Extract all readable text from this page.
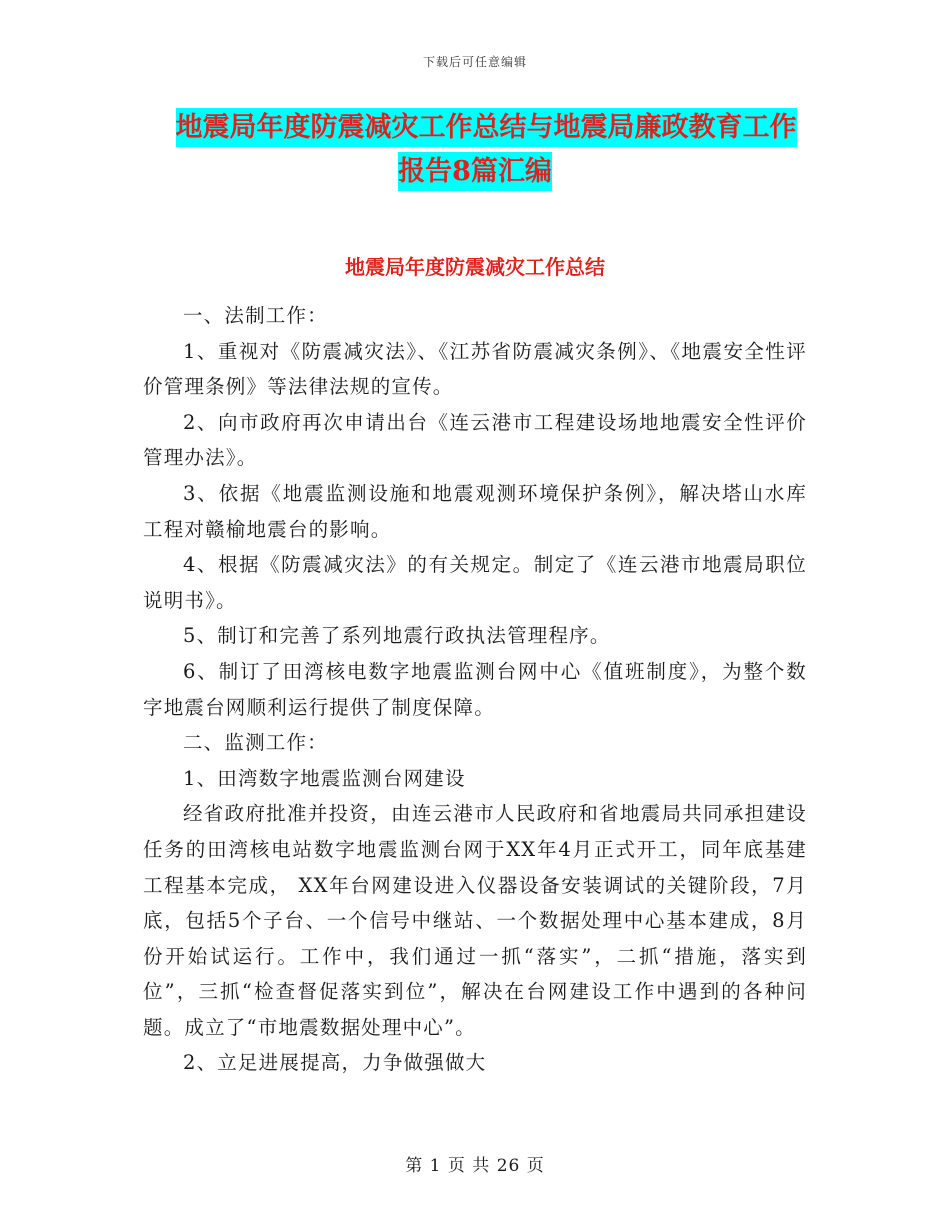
下载后可任意编辑
地震局年度防震减灾工作总结与地震局廉政教育工作
报告8篇汇编
地震局年度防震减灾工作总结

一、法制工作：

1、重视对《防震减灾法》、《江苏省防震减灾条例》、《地震安全性评价管理条例》等法律法规的宣传。

2、向市政府再次申请出台《连云港市工程建设场地地震安全性评价管理办法》。

3、依据《地震监测设施和地震观测环境保护条例》，解决塔山水库工程对赣榆地震台的影响。

4、根据《防震减灾法》的有关规定。制定了《连云港市地震局职位说明书》。

5、制订和完善了系列地震行政执法管理程序。

6、制订了田湾核电数字地震监测台网中心《值班制度》，为整个数字地震台网顺利运行提供了制度保障。

二、监测工作：

1、田湾数字地震监测台网建设

经省政府批准并投资，由连云港市人民政府和省地震局共同承担建设任务的田湾核电站数字地震监测台网于XX年4月正式开工，同年底基建工程基本完成， XX年台网建设进入仪器设备安装调试的关键阶段，7月底，包括5个子台、一个信号中继站、一个数据处理中心基本建成，8月份开始试运行。工作中，我们通过一抓“落实”，二抓“措施，落实到位”，三抓“检查督促落实到位”，解决在台网建设工作中遇到的各种问题。成立了“市地震数据处理中心”。

2、立足进展提高，力争做强做大

第 1 页 共 26 页
